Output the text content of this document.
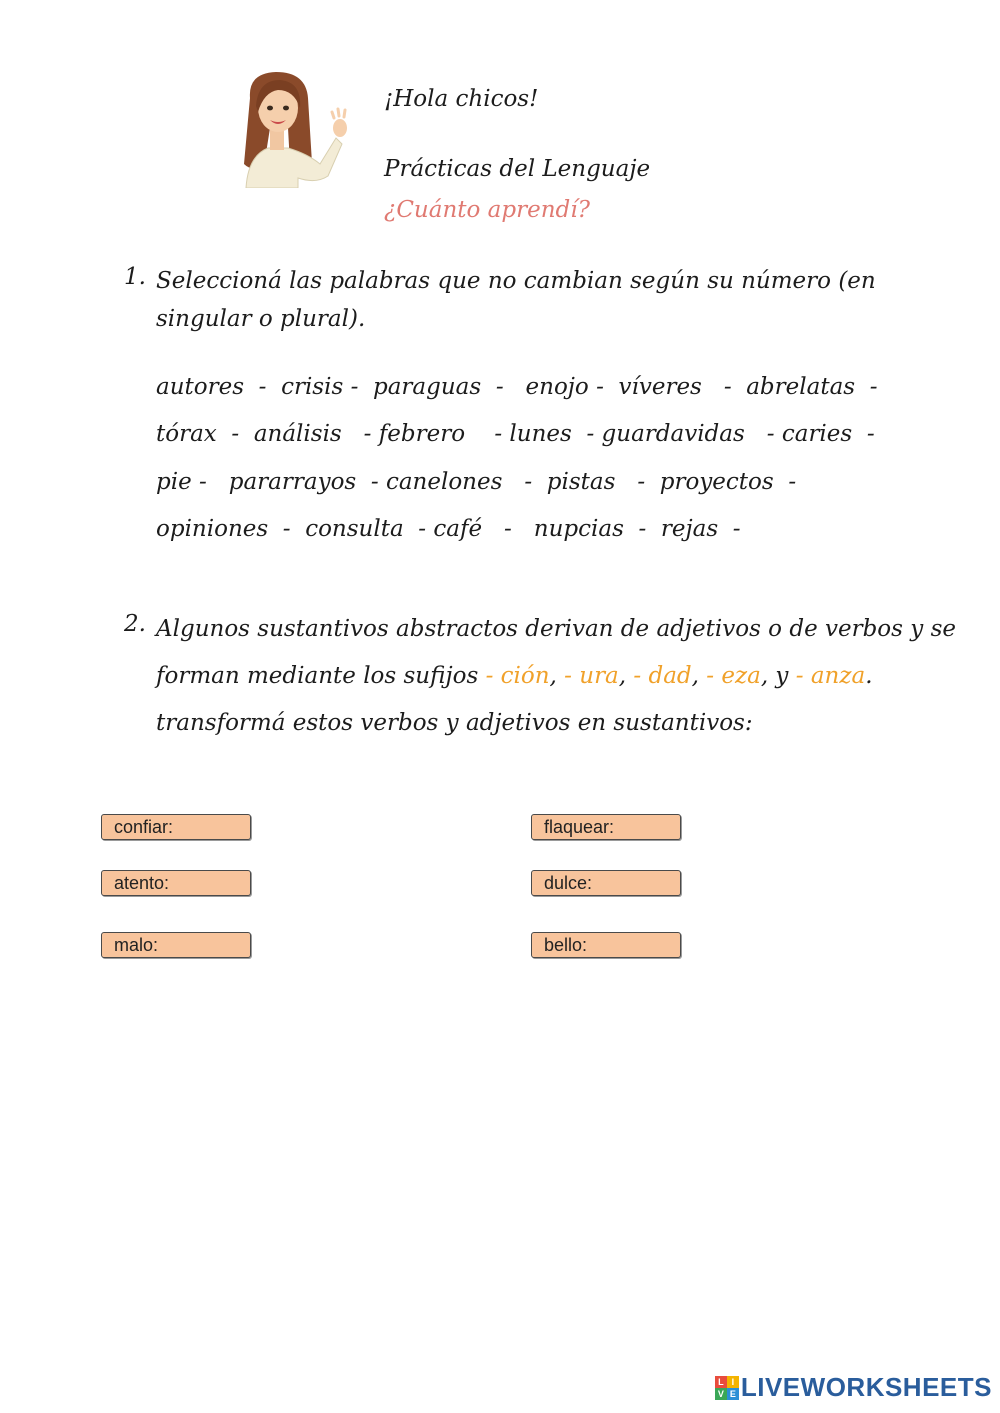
¡Hola chicos!
Prácticas del Lenguaje
¿Cuánto aprendí?
1. Seleccioná las palabras que no cambian según su número (en
singular o plural).
autores - crisis - paraguas - enojo - víveres - abrelatas -
tórax - análisis - febrero - lunes - guardavidas - caries -
pie - pararrayos - canelones - pistas - proyectos -
opiniones - consulta - café - nupcias - rejas -
2. Algunos sustantivos abstractos derivan de adjetivos o de verbos y se
forman mediante los sufijos - ción, - ura, - dad, - eza, y - anza.
transformá estos verbos y adjetivos en sustantivos:
confiar:
atento:
malo:
flaquear:
dulce:
bello:
L I
V E LIVEWORKSHEETS
